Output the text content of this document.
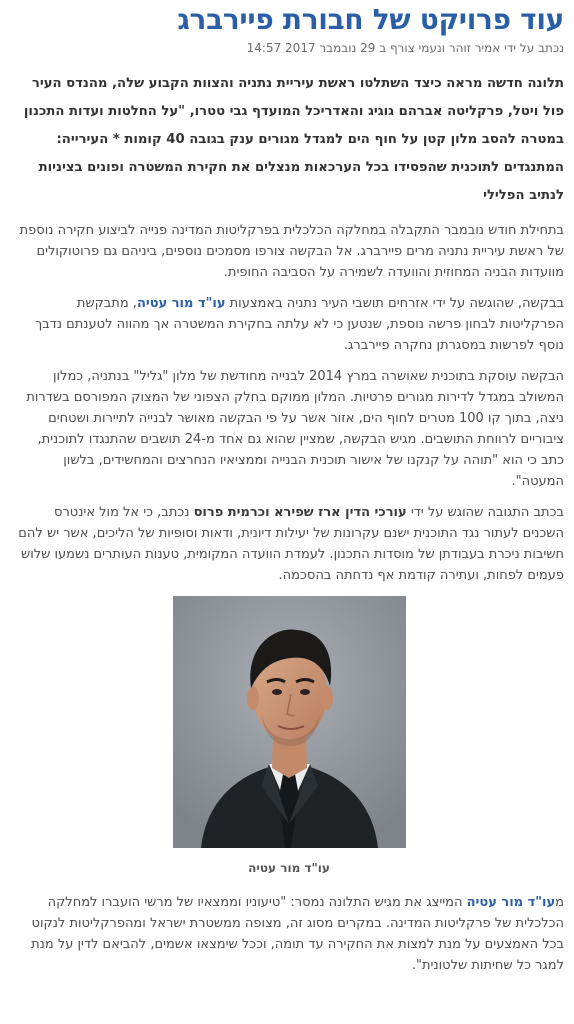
עוד פרויקט של חבורת פיירברג
נכתב על ידי אמיר זוהר ונעמי צורף ב 29 נובמבר 2017 14:57

תלונה חדשה מראה כיצד השתלטו ראשת עיריית נתניה והצוות הקבוע שלה, מהנדס העיר פול ויטל, פרקליטה אברהם גוגיג והאדריכל המועדף גבי טטרו, "על החלטות ועדות התכנון במטרה להסב מלון קטן על חוף הים למגדל מגורים ענק בגובה 40 קומות * העירייה: המתנגדים לתוכנית שהפסידו בכל הערכאות מנצלים את חקירת המשטרה ופונים בציניות לנתיב הפלילי

בתחילת חודש נובמבר התקבלה במחלקה הכלכלית בפרקליטות המדינה פנייה לביצוע חקירה נוספת של ראשת עיריית נתניה מרים פיירברג. אל הבקשה צורפו מסמכים נוספים, ביניהם גם פרוטוקולים מוועדות הבניה המחוזית והוועדה לשמירה על הסביבה החופית.

בבקשה, שהוגשה על ידי אזרחים תושבי העיר נתניה באמצעות עו"ד מור עטיה, מתבקשת הפרקליטות לבחון פרשה נוספת, שנטען כי לא עלתה בחקירת המשטרה אך מהווה לטענתם נדבך נוסף לפרשות במסגרתן נחקרה פיירברג.

הבקשה עוסקת בתוכנית שאושרה במרץ 2014 לבנייה מחודשת של מלון "גליל" בנתניה, כמלון המשולב במגדל לדירות מגורים פרטיות. המלון ממוקם בחלק הצפוני של המצוק המפורסם בשדרות ניצה, בתוך קו 100 מטרים לחוף הים, אזור אשר על פי הבקשה מאושר לבנייה לתיירות ושטחים ציבוריים לרווחת התושבים. מגיש הבקשה, שמציין שהוא גם אחד מ-24 תושבים שהתנגדו לתוכנית, כתב כי הוא "תוהה על קנקנו של אישור תוכנית הבנייה וממציאיו הנחרצים והמחשידים, בלשון המעטה".

בכתב התגובה שהוגש על ידי עורכי הדין ארז שפירא וכרמית פרוס נכתב, כי אל מול אינטרס השכנים לעתור נגד התוכנית ישנם עקרונות של יעילות דיונית, ודאות וסופיות של הליכים, אשר יש להם חשיבות ניכרת בעבודתן של מוסדות התכנון. לעמדת הוועדה המקומית, טענות העותרים נשמעו שלוש פעמים לפחות, ועתירה קודמת אף נדחתה בהסכמה.

עו"ד מור עטיה

מעו"ד מור עטיה המייצג את מגיש התלונה נמסר: "טיעוניו וממצאיו של מרשי הועברו למחלקה הכלכלית של פרקליטות המדינה. במקרים מסוג זה, מצופה ממשטרת ישראל ומהפרקליטות לנקוט בכל האמצעים על מנת למצות את החקירה עד תומה, וככל שימצאו אשמים, להביאם לדין על מנת למגר כל שחיתות שלטונית".
